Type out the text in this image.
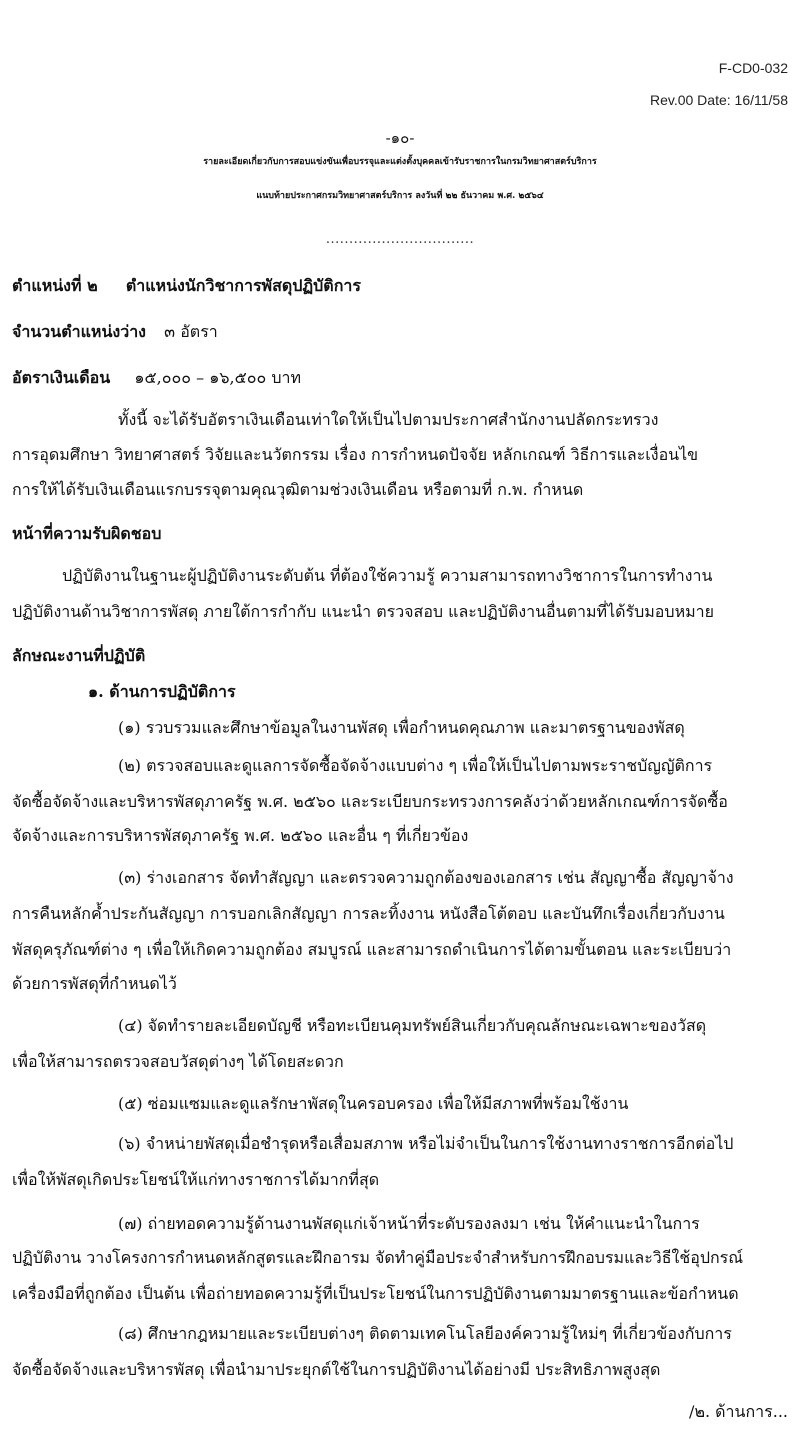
F-CD0-032
Rev.00 Date: 16/11/58
-๑๐-
รายละเอียดเกี่ยวกับการสอบแข่งขันเพื่อบรรจุและแต่งตั้งบุคคลเข้ารับราชการในกรมวิทยาศาสตร์บริการ
แนบท้ายประกาศกรมวิทยาศาสตร์บริการ ลงวันที่ ๒๒ ธันวาคม พ.ศ. ๒๕๖๔
................................
ตำแหน่งที่ ๒ ตำแหน่งนักวิชาการพัสดุปฏิบัติการ
จำนวนตำแหน่งว่าง ๓ อัตรา
อัตราเงินเดือน ๑๕,๐๐๐ – ๑๖,๕๐๐ บาท
ทั้งนี้ จะได้รับอัตราเงินเดือนเท่าใดให้เป็นไปตามประกาศสำนักงานปลัดกระทรวง
การอุดมศึกษา วิทยาศาสตร์ วิจัยและนวัตกรรม เรื่อง การกำหนดปัจจัย หลักเกณฑ์ วิธีการและเงื่อนไข
การให้ได้รับเงินเดือนแรกบรรจุตามคุณวุฒิตามช่วงเงินเดือน หรือตามที่ ก.พ. กำหนด
หน้าที่ความรับผิดชอบ
ปฏิบัติงานในฐานะผู้ปฏิบัติงานระดับต้น ที่ต้องใช้ความรู้ ความสามารถทางวิชาการในการทำงาน
ปฏิบัติงานด้านวิชาการพัสดุ ภายใต้การกำกับ แนะนำ ตรวจสอบ และปฏิบัติงานอื่นตามที่ได้รับมอบหมาย
ลักษณะงานที่ปฏิบัติ
๑. ด้านการปฏิบัติการ
(๑) รวบรวมและศึกษาข้อมูลในงานพัสดุ เพื่อกำหนดคุณภาพ และมาตรฐานของพัสดุ
(๒) ตรวจสอบและดูแลการจัดซื้อจัดจ้างแบบต่าง ๆ เพื่อให้เป็นไปตามพระราชบัญญัติการ
จัดซื้อจัดจ้างและบริหารพัสดุภาครัฐ พ.ศ. ๒๕๖๐ และระเบียบกระทรวงการคลังว่าด้วยหลักเกณฑ์การจัดซื้อ
จัดจ้างและการบริหารพัสดุภาครัฐ พ.ศ. ๒๕๖๐ และอื่น ๆ ที่เกี่ยวข้อง
(๓) ร่างเอกสาร จัดทำสัญญา และตรวจความถูกต้องของเอกสาร เช่น สัญญาซื้อ สัญญาจ้าง
การคืนหลักค้ำประกันสัญญา การบอกเลิกสัญญา การละทิ้งงาน หนังสือโต้ตอบ และบันทึกเรื่องเกี่ยวกับงาน
พัสดุครุภัณฑ์ต่าง ๆ เพื่อให้เกิดความถูกต้อง สมบูรณ์ และสามารถดำเนินการได้ตามขั้นตอน และระเบียบว่า
ด้วยการพัสดุที่กำหนดไว้
(๔) จัดทำรายละเอียดบัญชี หรือทะเบียนคุมทรัพย์สินเกี่ยวกับคุณลักษณะเฉพาะของวัสดุ
เพื่อให้สามารถตรวจสอบวัสดุต่างๆ ได้โดยสะดวก
(๕) ซ่อมแซมและดูแลรักษาพัสดุในครอบครอง เพื่อให้มีสภาพที่พร้อมใช้งาน
(๖) จำหน่ายพัสดุเมื่อชำรุดหรือเสื่อมสภาพ หรือไม่จำเป็นในการใช้งานทางราชการอีกต่อไป
เพื่อให้พัสดุเกิดประโยชน์ให้แก่ทางราชการได้มากที่สุด
(๗) ถ่ายทอดความรู้ด้านงานพัสดุแก่เจ้าหน้าที่ระดับรองลงมา เช่น ให้คำแนะนำในการ
ปฏิบัติงาน วางโครงการกำหนดหลักสูตรและฝึกอารม จัดทำคู่มือประจำสำหรับการฝึกอบรมและวิธีใช้อุปกรณ์
เครื่องมือที่ถูกต้อง เป็นต้น เพื่อถ่ายทอดความรู้ที่เป็นประโยชน์ในการปฏิบัติงานตามมาตรฐานและข้อกำหนด
(๘) ศึกษากฎหมายและระเบียบต่างๆ ติดตามเทคโนโลยีองค์ความรู้ใหม่ๆ ที่เกี่ยวข้องกับการ
จัดซื้อจัดจ้างและบริหารพัสดุ เพื่อนำมาประยุกต์ใช้ในการปฏิบัติงานได้อย่างมี ประสิทธิภาพสูงสุด
/๒. ด้านการ...
